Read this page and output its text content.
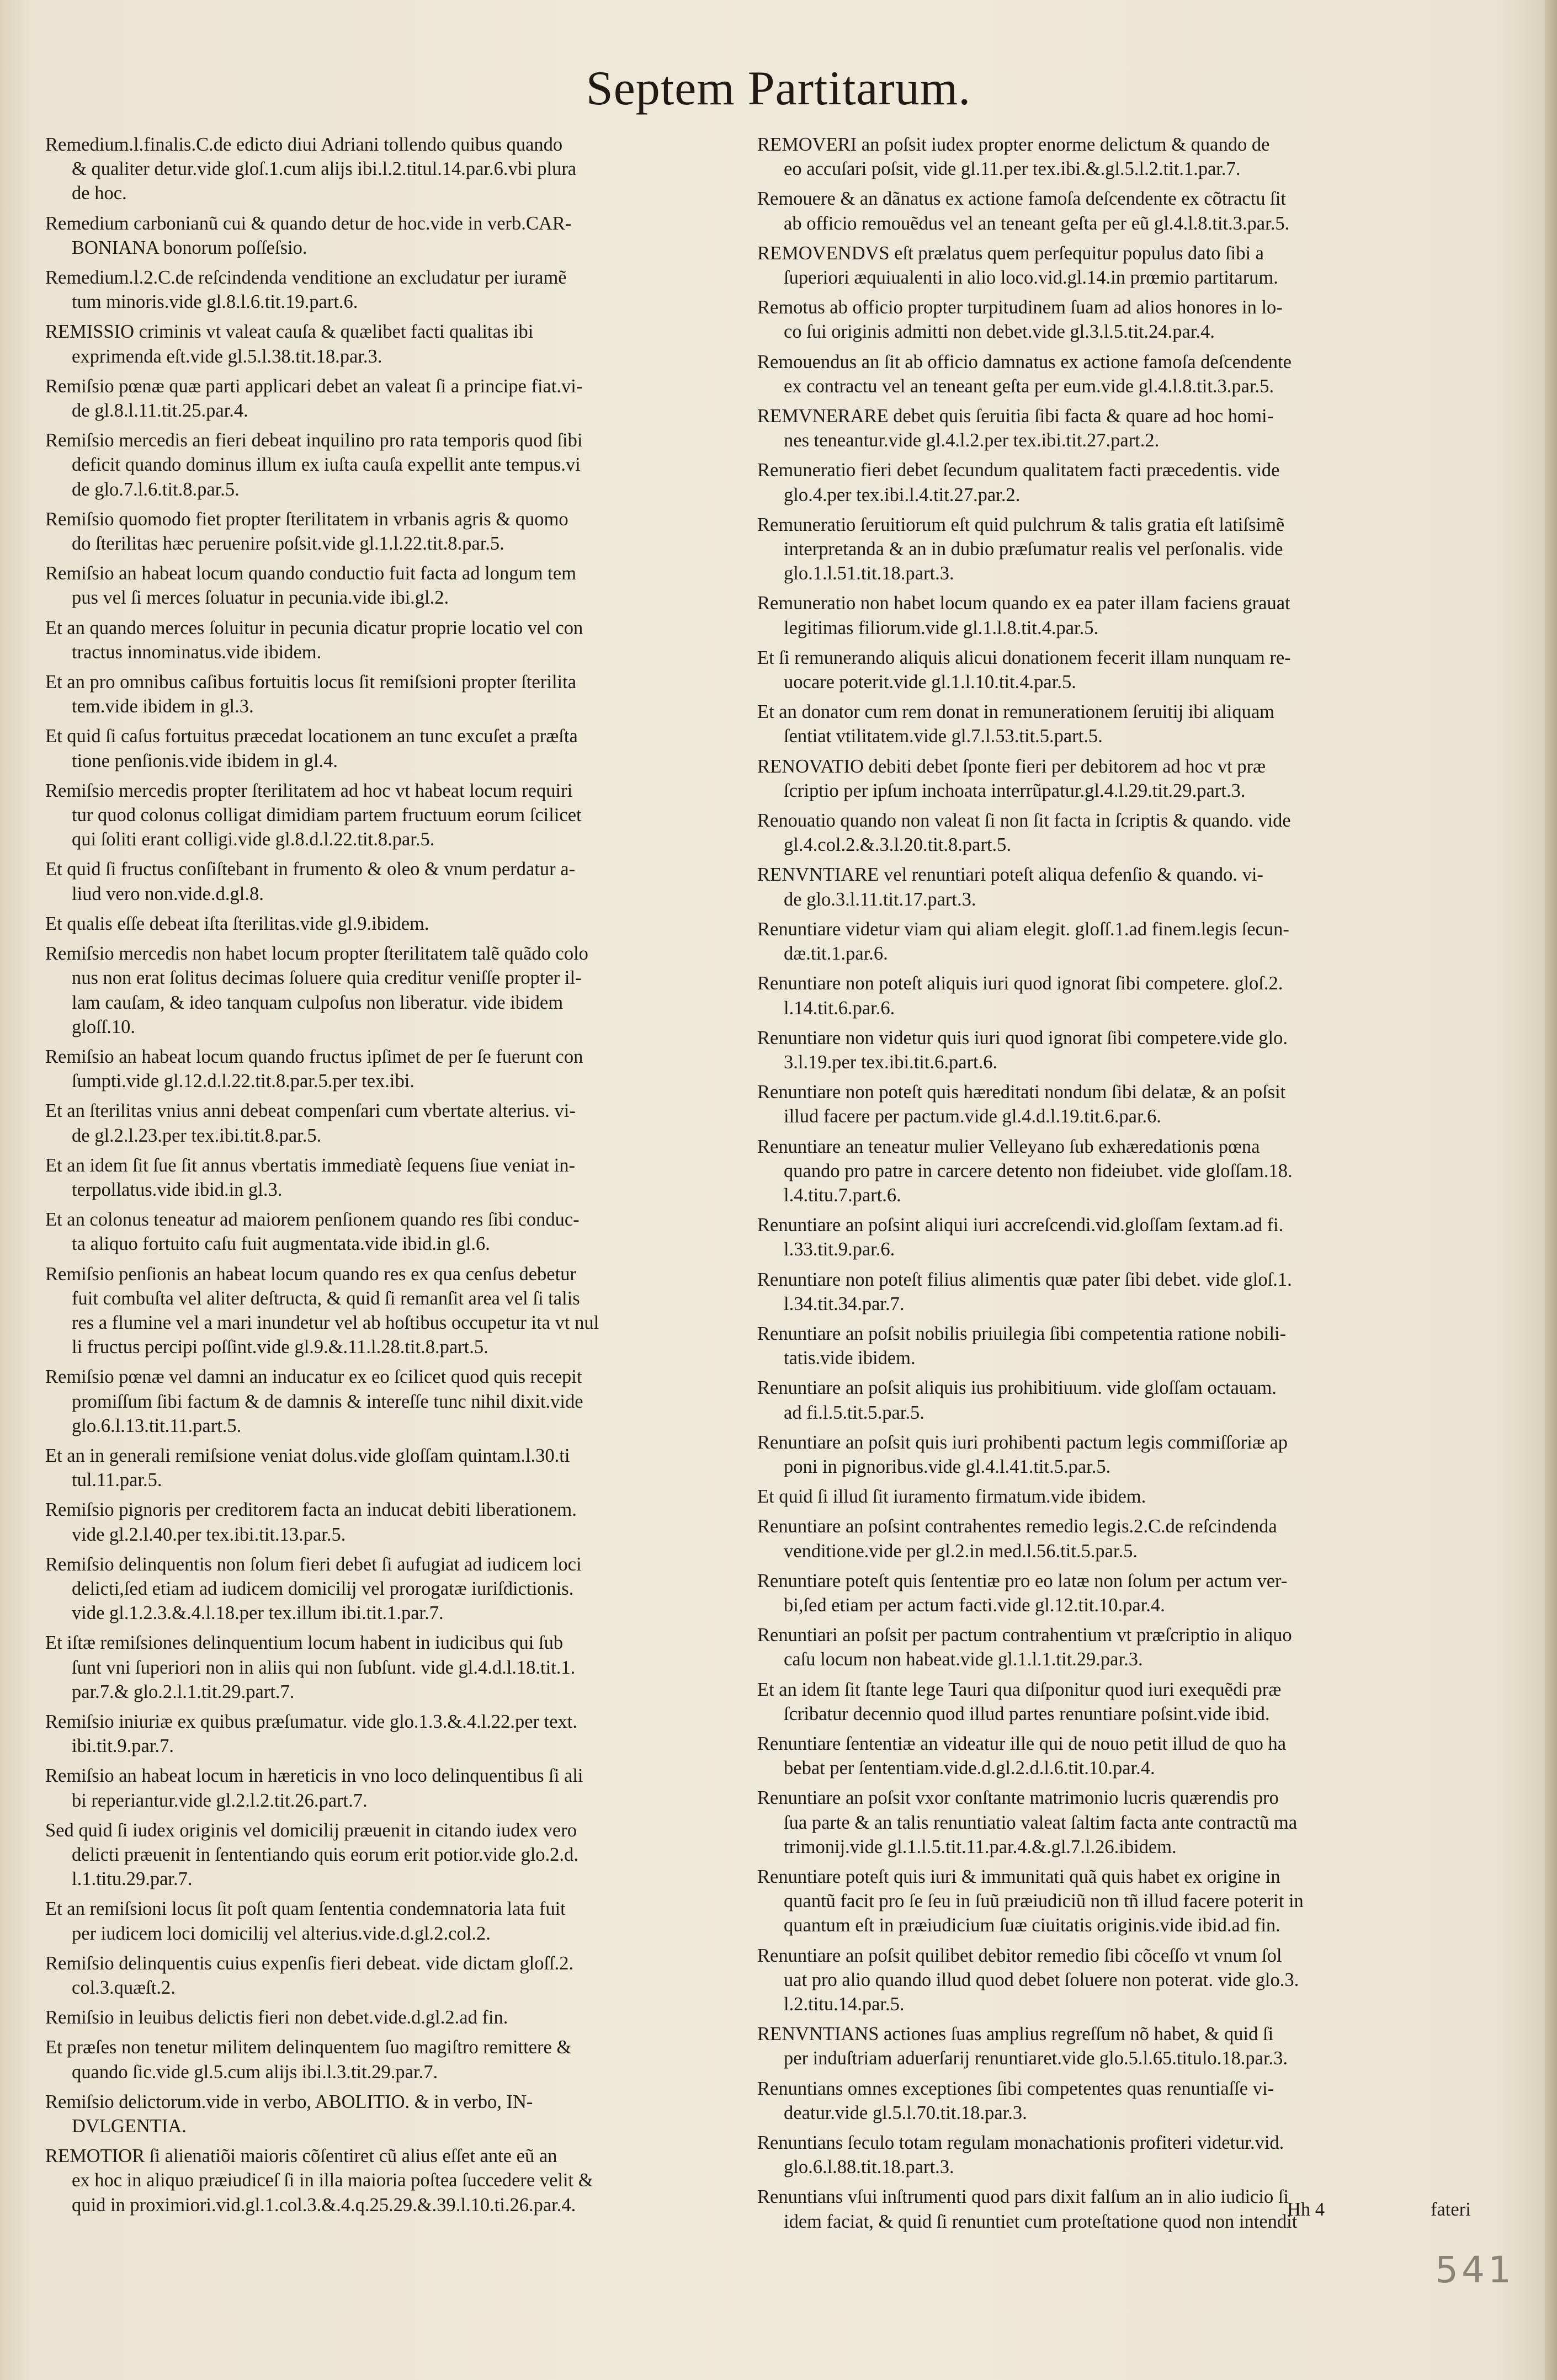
Septem Partitarum.
Remedium.l.finalis.C.de edicto diui Adriani tollendo quibus quando
& qualiter detur.vide gloſ.1.cum alijs ibi.l.2.titul.14.par.6.vbi plura
de hoc.
Remedium carbonianũ cui & quando detur de hoc.vide in verb.CAR-
BONIANA bonorum poſſeſsio.
Remedium.l.2.C.de reſcindenda venditione an excludatur per iuramẽ
tum minoris.vide gl.8.l.6.tit.19.part.6.
REMISSIO criminis vt valeat cauſa & quælibet facti qualitas ibi
exprimenda eſt.vide gl.5.l.38.tit.18.par.3.
Remiſsio pœnæ quæ parti applicari debet an valeat ſi a principe fiat.vi-
de gl.8.l.11.tit.25.par.4.
Remiſsio mercedis an fieri debeat inquilino pro rata temporis quod ſibi
deficit quando dominus illum ex iuſta cauſa expellit ante tempus.vi
de glo.7.l.6.tit.8.par.5.
Remiſsio quomodo fiet propter ſterilitatem in vrbanis agris & quomo
do ſterilitas hæc peruenire poſsit.vide gl.1.l.22.tit.8.par.5.
Remiſsio an habeat locum quando conductio fuit facta ad longum tem
pus vel ſi merces ſoluatur in pecunia.vide ibi.gl.2.
Et an quando merces ſoluitur in pecunia dicatur proprie locatio vel con
tractus innominatus.vide ibidem.
Et an pro omnibus caſibus fortuitis locus ſit remiſsioni propter ſterilita
tem.vide ibidem in gl.3.
Et quid ſi caſus fortuitus præcedat locationem an tunc excuſet a præſta
tione penſionis.vide ibidem in gl.4.
Remiſsio mercedis propter ſterilitatem ad hoc vt habeat locum requiri
tur quod colonus colligat dimidiam partem fructuum eorum ſcilicet
qui ſoliti erant colligi.vide gl.8.d.l.22.tit.8.par.5.
Et quid ſi fructus conſiſtebant in frumento & oleo & vnum perdatur a-
liud vero non.vide.d.gl.8.
Et qualis eſſe debeat iſta ſterilitas.vide gl.9.ibidem.
Remiſsio mercedis non habet locum propter ſterilitatem talẽ quãdo colo
nus non erat ſolitus decimas ſoluere quia creditur veniſſe propter il-
lam cauſam, & ideo tanquam culpoſus non liberatur. vide ibidem
gloſſ.10.
Remiſsio an habeat locum quando fructus ipſimet de per ſe fuerunt con
ſumpti.vide gl.12.d.l.22.tit.8.par.5.per tex.ibi.
Et an ſterilitas vnius anni debeat compenſari cum vbertate alterius. vi-
de gl.2.l.23.per tex.ibi.tit.8.par.5.
Et an idem ſit ſue ſit annus vbertatis immediatè ſequens ſiue veniat in-
terpollatus.vide ibid.in gl.3.
Et an colonus teneatur ad maiorem penſionem quando res ſibi conduc-
ta aliquo fortuito caſu fuit augmentata.vide ibid.in gl.6.
Remiſsio penſionis an habeat locum quando res ex qua cenſus debetur
fuit combuſta vel aliter deſtructa, & quid ſi remanſit area vel ſi talis
res a flumine vel a mari inundetur vel ab hoſtibus occupetur ita vt nul
li fructus percipi poſſint.vide gl.9.&.11.l.28.tit.8.part.5.
Remiſsio pœnæ vel damni an inducatur ex eo ſcilicet quod quis recepit
promiſſum ſibi factum & de damnis & intereſſe tunc nihil dixit.vide
glo.6.l.13.tit.11.part.5.
Et an in generali remiſsione veniat dolus.vide gloſſam quintam.l.30.ti
tul.11.par.5.
Remiſsio pignoris per creditorem facta an inducat debiti liberationem.
vide gl.2.l.40.per tex.ibi.tit.13.par.5.
Remiſsio delinquentis non ſolum fieri debet ſi aufugiat ad iudicem loci
delicti,ſed etiam ad iudicem domicilij vel prorogatæ iuriſdictionis.
vide gl.1.2.3.&.4.l.18.per tex.illum ibi.tit.1.par.7.
Et iſtæ remiſsiones delinquentium locum habent in iudicibus qui ſub
ſunt vni ſuperiori non in aliis qui non ſubſunt. vide gl.4.d.l.18.tit.1.
par.7.& glo.2.l.1.tit.29.part.7.
Remiſsio iniuriæ ex quibus præſumatur. vide glo.1.3.&.4.l.22.per text.
ibi.tit.9.par.7.
Remiſsio an habeat locum in hæreticis in vno loco delinquentibus ſi ali
bi reperiantur.vide gl.2.l.2.tit.26.part.7.
Sed quid ſi iudex originis vel domicilij præuenit in citando iudex vero
delicti præuenit in ſententiando quis eorum erit potior.vide glo.2.d.
l.1.titu.29.par.7.
Et an remiſsioni locus ſit poſt quam ſententia condemnatoria lata fuit
per iudicem loci domicilij vel alterius.vide.d.gl.2.col.2.
Remiſsio delinquentis cuius expenſis fieri debeat. vide dictam gloſſ.2.
col.3.quæſt.2.
Remiſsio in leuibus delictis fieri non debet.vide.d.gl.2.ad fin.
Et præſes non tenetur militem delinquentem ſuo magiſtro remittere &
quando ſic.vide gl.5.cum alijs ibi.l.3.tit.29.par.7.
Remiſsio delictorum.vide in verbo, ABOLITIO. & in verbo, IN-
DVLGENTIA.
REMOTIOR ſi alienatiõi maioris cõſentiret cũ alius eſſet ante eũ an
ex hoc in aliquo præiudiceſ ſi in illa maioria poſtea ſuccedere velit &
quid in proximiori.vid.gl.1.col.3.&.4.q.25.29.&.39.l.10.ti.26.par.4.
REMOVERI an poſsit iudex propter enorme delictum & quando de
eo accuſari poſsit, vide gl.11.per tex.ibi.&.gl.5.l.2.tit.1.par.7.
Remouere & an dãnatus ex actione famoſa deſcendente ex cõtractu ſit
ab officio remouẽdus vel an teneant geſta per eũ gl.4.l.8.tit.3.par.5.
REMOVENDVS eſt prælatus quem perſequitur populus dato ſibi a
ſuperiori æquiualenti in alio loco.vid.gl.14.in prœmio partitarum.
Remotus ab officio propter turpitudinem ſuam ad alios honores in lo-
co ſui originis admitti non debet.vide gl.3.l.5.tit.24.par.4.
Remouendus an ſit ab officio damnatus ex actione famoſa deſcendente
ex contractu vel an teneant geſta per eum.vide gl.4.l.8.tit.3.par.5.
REMVNERARE debet quis ſeruitia ſibi facta & quare ad hoc homi-
nes teneantur.vide gl.4.l.2.per tex.ibi.tit.27.part.2.
Remuneratio fieri debet ſecundum qualitatem facti præcedentis. vide
glo.4.per tex.ibi.l.4.tit.27.par.2.
Remuneratio ſeruitiorum eſt quid pulchrum & talis gratia eſt latiſsimẽ
interpretanda & an in dubio præſumatur realis vel perſonalis. vide
glo.1.l.51.tit.18.part.3.
Remuneratio non habet locum quando ex ea pater illam faciens grauat
legitimas filiorum.vide gl.1.l.8.tit.4.par.5.
Et ſi remunerando aliquis alicui donationem fecerit illam nunquam re-
uocare poterit.vide gl.1.l.10.tit.4.par.5.
Et an donator cum rem donat in remunerationem ſeruitij ibi aliquam
ſentiat vtilitatem.vide gl.7.l.53.tit.5.part.5.
RENOVATIO debiti debet ſponte fieri per debitorem ad hoc vt præ
ſcriptio per ipſum inchoata interrũpatur.gl.4.l.29.tit.29.part.3.
Renouatio quando non valeat ſi non ſit facta in ſcriptis & quando. vide
gl.4.col.2.&.3.l.20.tit.8.part.5.
RENVNTIARE vel renuntiari poteſt aliqua defenſio & quando. vi-
de glo.3.l.11.tit.17.part.3.
Renuntiare videtur viam qui aliam elegit. gloſſ.1.ad finem.legis ſecun-
dæ.tit.1.par.6.
Renuntiare non poteſt aliquis iuri quod ignorat ſibi competere. gloſ.2.
l.14.tit.6.par.6.
Renuntiare non videtur quis iuri quod ignorat ſibi competere.vide glo.
3.l.19.per tex.ibi.tit.6.part.6.
Renuntiare non poteſt quis hæreditati nondum ſibi delatæ, & an poſsit
illud facere per pactum.vide gl.4.d.l.19.tit.6.par.6.
Renuntiare an teneatur mulier Velleyano ſub exhæredationis pœna
quando pro patre in carcere detento non fideiubet. vide gloſſam.18.
l.4.titu.7.part.6.
Renuntiare an poſsint aliqui iuri accreſcendi.vid.gloſſam ſextam.ad fi.
l.33.tit.9.par.6.
Renuntiare non poteſt filius alimentis quæ pater ſibi debet. vide gloſ.1.
l.34.tit.34.par.7.
Renuntiare an poſsit nobilis priuilegia ſibi competentia ratione nobili-
tatis.vide ibidem.
Renuntiare an poſsit aliquis ius prohibitiuum. vide gloſſam octauam.
ad fi.l.5.tit.5.par.5.
Renuntiare an poſsit quis iuri prohibenti pactum legis commiſſoriæ ap
poni in pignoribus.vide gl.4.l.41.tit.5.par.5.
Et quid ſi illud ſit iuramento firmatum.vide ibidem.
Renuntiare an poſsint contrahentes remedio legis.2.C.de reſcindenda
venditione.vide per gl.2.in med.l.56.tit.5.par.5.
Renuntiare poteſt quis ſententiæ pro eo latæ non ſolum per actum ver-
bi,ſed etiam per actum facti.vide gl.12.tit.10.par.4.
Renuntiari an poſsit per pactum contrahentium vt præſcriptio in aliquo
caſu locum non habeat.vide gl.1.l.1.tit.29.par.3.
Et an idem ſit ſtante lege Tauri qua diſponitur quod iuri exequẽdi præ
ſcribatur decennio quod illud partes renuntiare poſsint.vide ibid.
Renuntiare ſententiæ an videatur ille qui de nouo petit illud de quo ha
bebat per ſententiam.vide.d.gl.2.d.l.6.tit.10.par.4.
Renuntiare an poſsit vxor conſtante matrimonio lucris quærendis pro
ſua parte & an talis renuntiatio valeat ſaltim facta ante contractũ ma
trimonij.vide gl.1.l.5.tit.11.par.4.&.gl.7.l.26.ibidem.
Renuntiare poteſt quis iuri & immunitati quã quis habet ex origine in
quantũ facit pro ſe ſeu in ſuũ præiudiciũ non tñ illud facere poterit in
quantum eſt in præiudicium ſuæ ciuitatis originis.vide ibid.ad fin.
Renuntiare an poſsit quilibet debitor remedio ſibi cõceſſo vt vnum ſol
uat pro alio quando illud quod debet ſoluere non poterat. vide glo.3.
l.2.titu.14.par.5.
RENVNTIANS actiones ſuas amplius regreſſum nõ habet, & quid ſi
per induſtriam aduerſarij renuntiaret.vide glo.5.l.65.titulo.18.par.3.
Renuntians omnes exceptiones ſibi competentes quas renuntiaſſe vi-
deatur.vide gl.5.l.70.tit.18.par.3.
Renuntians ſeculo totam regulam monachationis profiteri videtur.vid.
glo.6.l.88.tit.18.part.3.
Renuntians vſui inſtrumenti quod pars dixit falſum an in alio iudicio ſi
idem faciat, & quid ſi renuntiet cum proteſtatione quod non intendit
Hh 4	fateri
541
